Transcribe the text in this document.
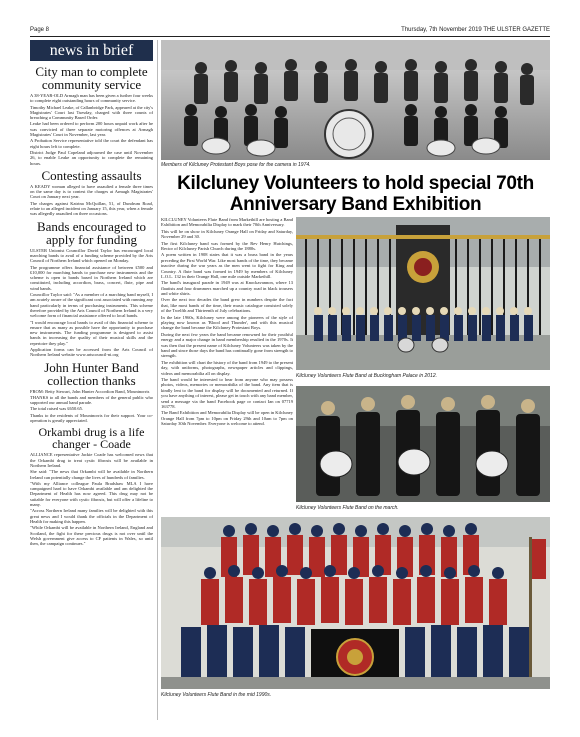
Page 8	Thursday, 7th November 2019 THE ULSTER GAZETTE
news in brief
City man to complete community service

A 38-YEAR-OLD Armagh man has been given a further four weeks to complete eight outstanding hours of community service.

Timothy Michael Leake, of Callanbridge Park, appeared at the city's Magistrates' Court last Tuesday, charged with three counts of breaching a Community Based Order.

Leake had been ordered to perform 200 hours unpaid work after he was convicted of three separate motoring offences at Armagh Magistrates' Court in November, last year.

A Probation Service representative told the court the defendant has eight hours left to complete.

District Judge Paul Copeland adjourned the case until November 26, to enable Leake an opportunity to complete the remaining hours.

Contesting assaults

A KEADY woman alleged to have assaulted a female three times on the same day is to contest the charges at Armagh Magistrates' Court on January next year.

The charges against Katrina McQuillan, 51, of Dundrum Road, relate to an alleged incident on January 15, this year, when a female was allegedly assaulted on three occasions.

Bands encouraged to apply for funding

ULSTER Unionist Councillor David Taylor has encouraged local marching bands to avail of a funding scheme provided by the Arts Council of Northern Ireland which opened on Monday.

The programme offers financial assistance of between £500 and £10,000 for marching bands to purchase new instruments and the scheme is open to bands based in Northern Ireland which are constituted, including accordion, brass, concert, flute, pipe and wind bands.

Councillor Taylor said: "As a member of a marching band myself, I am acutely aware of the significant cost associated with running any band particularly in terms of purchasing instruments. This scheme therefore provided by the Arts Council of Northern Ireland is a very welcome form of financial assistance offered to local bands.

"I would encourage local bands to avail of this financial scheme to ensure that as many as possible have the opportunity to purchase new instruments. The funding programme is designed to assist bands in increasing the quality of their musical skills and the repertoire they play."

Application forms can be accessed from the Arts Council of Northern Ireland website www.artscouncil-ni.org

John Hunter Band collection thanks

FROM: Betty Stewart, John Hunter Accordion Band, Mountnorris

THANKS to all the bands and members of the general public who supported our annual band parade.

The total raised was £650.65.

Thanks to the residents of Mountnorris for their support. Your co-operation is greatly appreciated.

Orkambi drug is a life changer - Coade

ALLIANCE representative Jackie Coade has welcomed news that the Orkambi drug to treat cystic fibrosis will be available in Northern Ireland.

She said: "The news that Orkambi will be available in Northern Ireland can potentially change the lives of hundreds of families.

"With my Alliance colleague Paula Bradshaw MLA I have campaigned hard to have Orkambi available and am delighted the Department of Health has now agreed. This drug may not be suitable for everyone with cystic fibrosis, but will offer a lifeline to many.

"Across Northern Ireland many families will be delighted with this great news and I would thank the officials in the Department of Health for making this happen.

"While Orkambi will be available in Northern Ireland, England and Scotland, the fight for these precious drugs is not over until the Welsh government give access to CF patients in Wales, so until then, the campaign continues."

Members of Kilcluney Protestant Boys pose for the camera in 1974.
Kilcluney Volunteers to hold special 70th Anniversary Band Exhibition

KILCLUNEY Volunteers Flute Band from Markethill are hosting a Band Exhibition and Memorabilia Display to mark their 70th Anniversary.

This will be on show in Kilcluney Orange Hall on Friday and Saturday, November 29 and 30.

The first Kilcluney band was formed by the Rev Henry Hutchings, Rector of Kilcluney Parish Church during the 1880s.

A poem written in 1908 states that it was a brass band in the years preceding the First World War. Like most bands of the time, they became inactive during the war years as the men went to fight for King and Country. A flute band was formed in 1949 by members of Kilcluney L.O.L. 132 in their Orange Hall, one mile outside Markethill.

The band's inaugural parade in 1949 was at Knockavannon, where 13 flautists and four drummers marched up a country road in black trousers and white shirts.

Over the next two decades the band grew in numbers despite the fact that, like most bands of the time, their music catalogue consisted solely of the Twelfth and Thirteenth of July celebrations.

In the late 1960s, Kilcluney were among the pioneers of the style of playing now known as 'Blood and Thunder', and with this musical change the band became the Kilcluney Protestant Boys.

During the next few years the band became renowned for their youthful energy and a major change in band membership resulted in the 1970s. It was then that the present name of Kilcluney Volunteers was taken by the band and since those days the band has continually gone from strength to strength.

The exhibition will chart the history of the band from 1949 to the present day, with uniforms, photographs, newspaper articles and clippings, videos and memorabilia all on display.

The band would be interested to hear from anyone who may possess photos, videos, memories or memorabilia of the band. Any item that is kindly lent to the band for display will be documented and returned. If you have anything of interest, please get in touch with any band member, send a message via the band Facebook page or contact Ian on 07719 163778.

The Band Exhibition and Memorabilia Display will be open in Kilcluney Orange Hall from 7pm to 10pm on Friday 29th and 10am to 7pm on Saturday 30th November. Everyone is welcome to attend.

Kilcluney Volunteers Flute Band at Buckingham Palace in 2012.
Kilcluney Volunteers Flute Band on the march.
Kilcluney Volunteers Flute Band in the mid 1990s.
